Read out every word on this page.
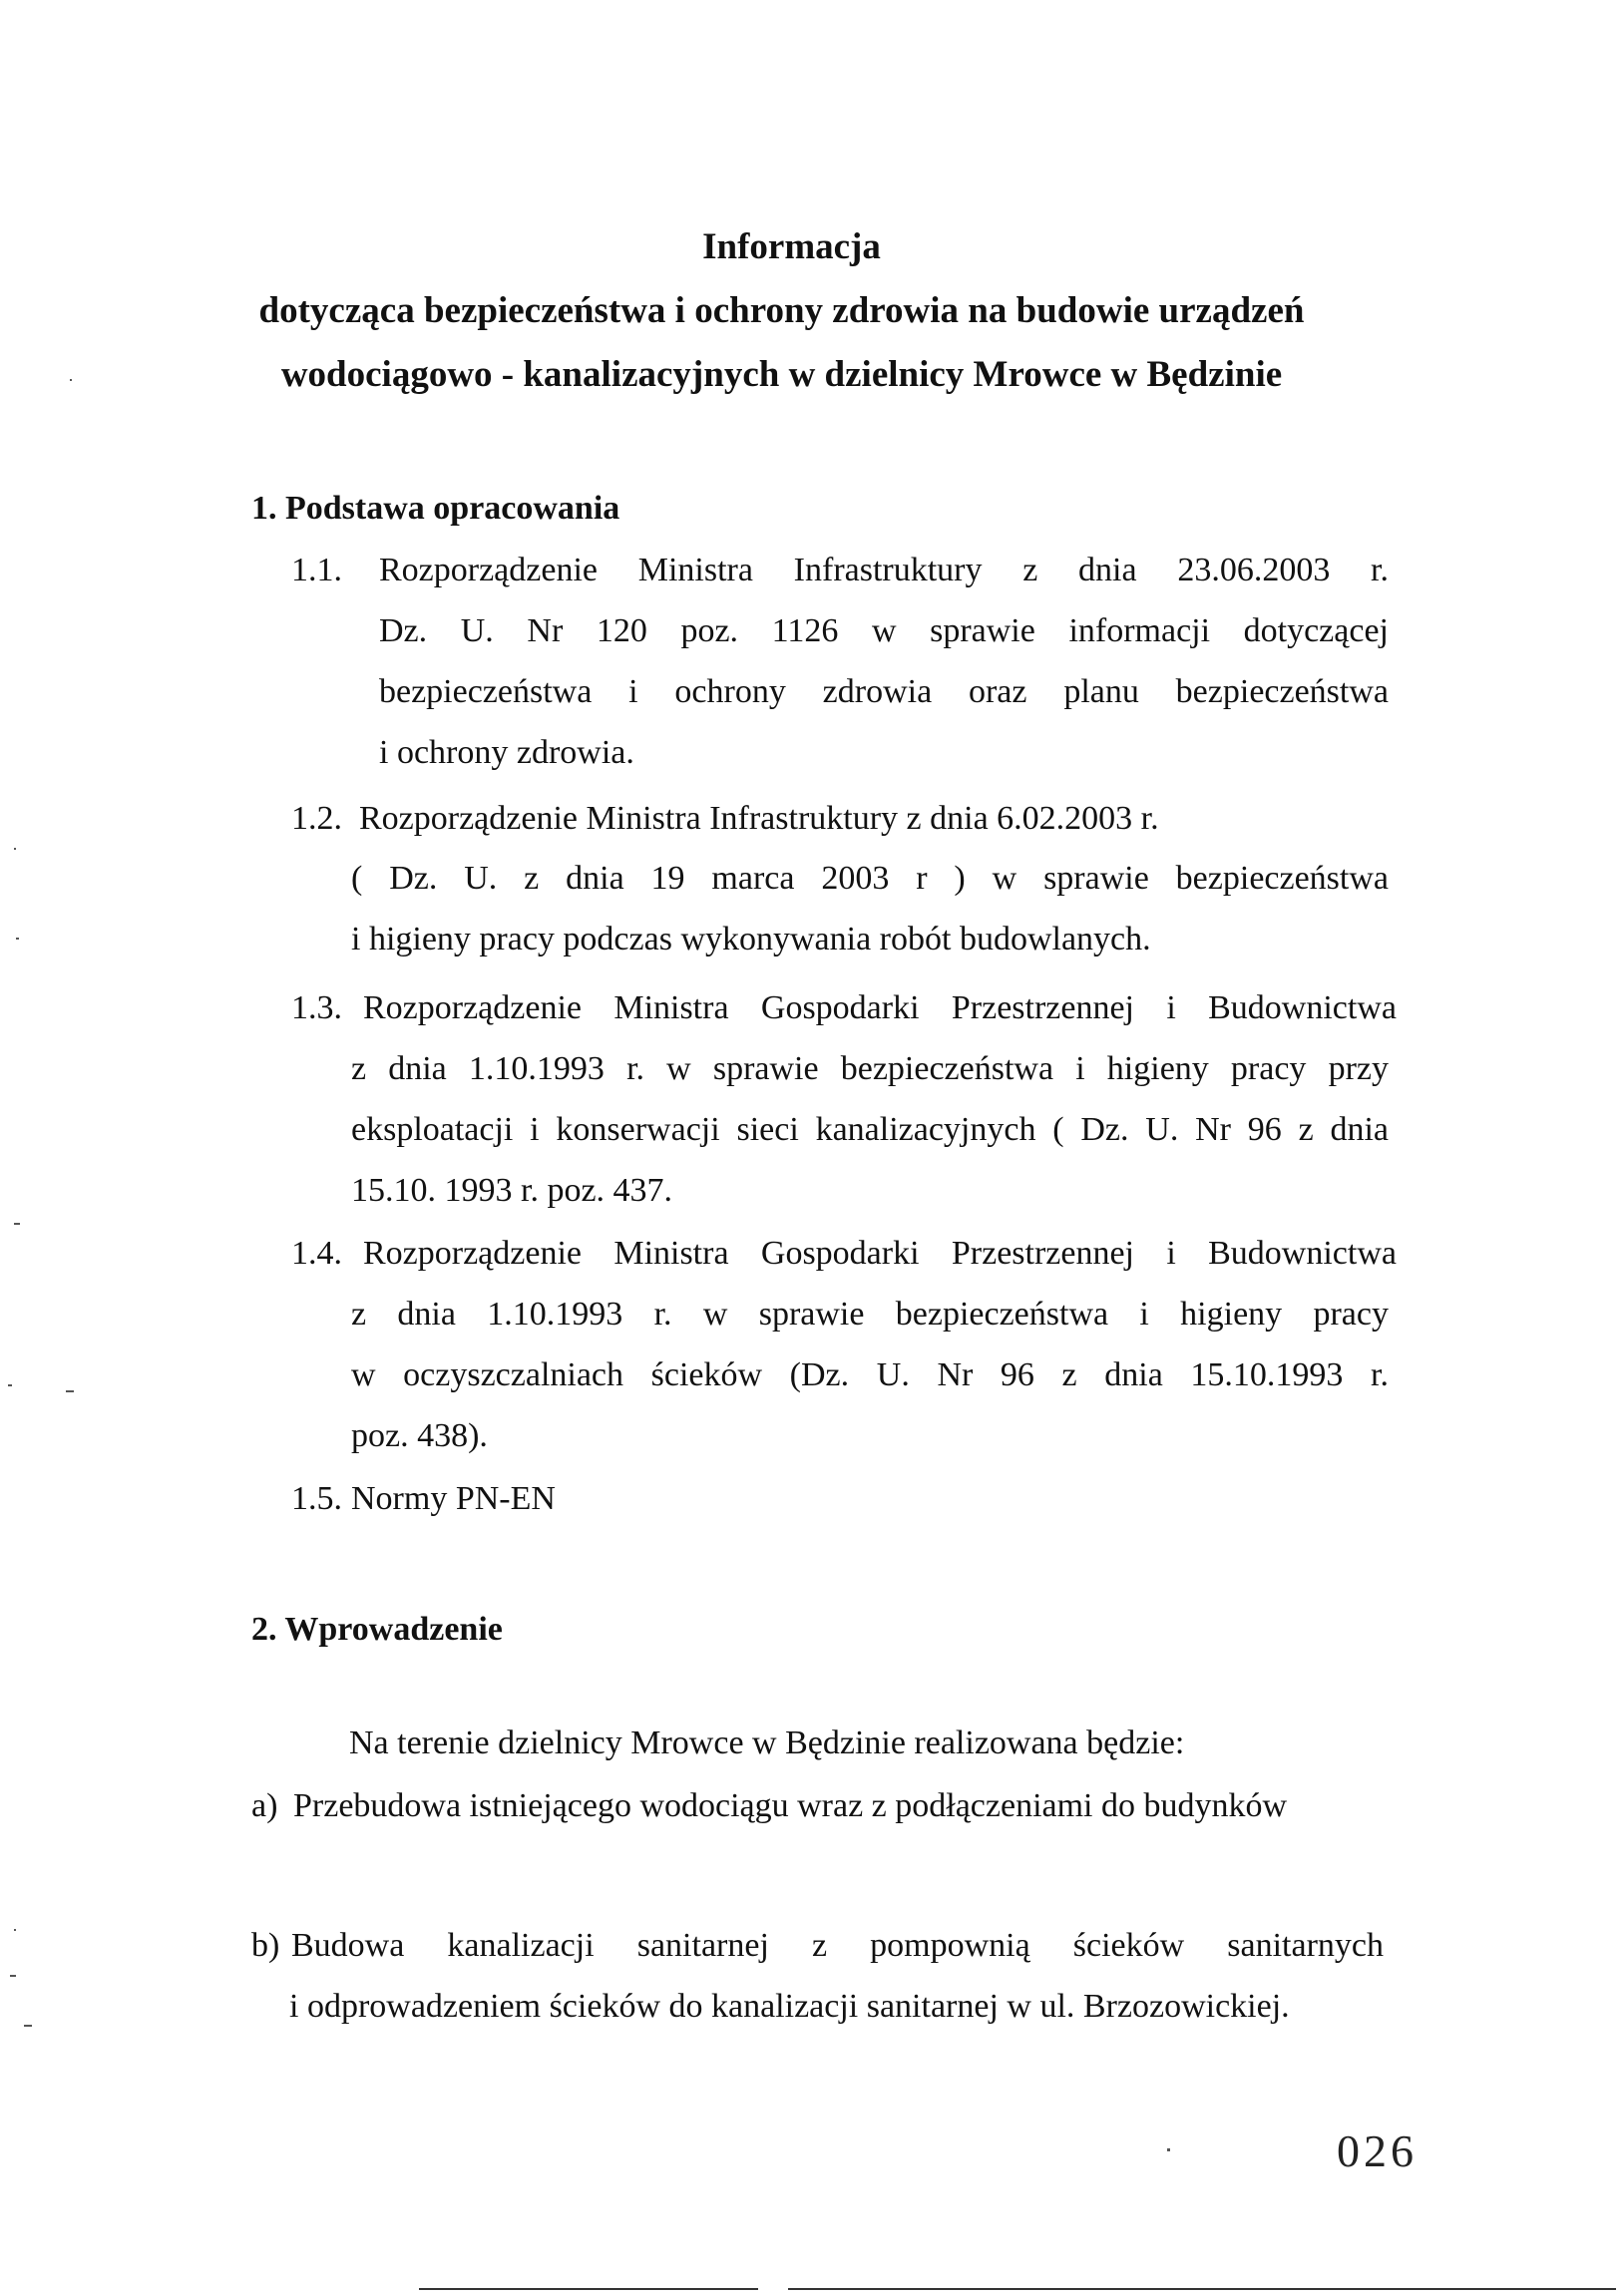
Informacja
dotycząca bezpieczeństwa i ochrony zdrowia na budowie urządzeń
wodociągowo - kanalizacyjnych w dzielnicy Mrowce w Będzinie
1. Podstawa opracowania
1.1. Rozporządzenie Ministra Infrastruktury z dnia 23.06.2003 r.
Dz. U. Nr 120 poz. 1126 w sprawie informacji dotyczącej
bezpieczeństwa i ochrony zdrowia oraz planu bezpieczeństwa
i ochrony zdrowia.
1.2. Rozporządzenie Ministra Infrastruktury z dnia 6.02.2003 r.
( Dz. U. z dnia 19 marca 2003 r ) w sprawie bezpieczeństwa
i higieny pracy podczas wykonywania robót budowlanych.
1.3. Rozporządzenie Ministra Gospodarki Przestrzennej i Budownictwa
z dnia 1.10.1993 r. w sprawie bezpieczeństwa i higieny pracy przy
eksploatacji i konserwacji sieci kanalizacyjnych ( Dz. U. Nr 96 z dnia
15.10. 1993 r. poz. 437.
1.4. Rozporządzenie Ministra Gospodarki Przestrzennej i Budownictwa
z dnia 1.10.1993 r. w sprawie bezpieczeństwa i higieny pracy
w oczyszczalniach ścieków (Dz. U. Nr 96 z dnia 15.10.1993 r.
poz. 438).
1.5. Normy PN-EN
2. Wprowadzenie
Na terenie dzielnicy Mrowce w Będzinie realizowana będzie:
a) Przebudowa istniejącego wodociągu wraz z podłączeniami do budynków
b) Budowa kanalizacji sanitarnej z pompownią ścieków sanitarnych
i odprowadzeniem ścieków do kanalizacji sanitarnej w ul. Brzozowickiej.
026
